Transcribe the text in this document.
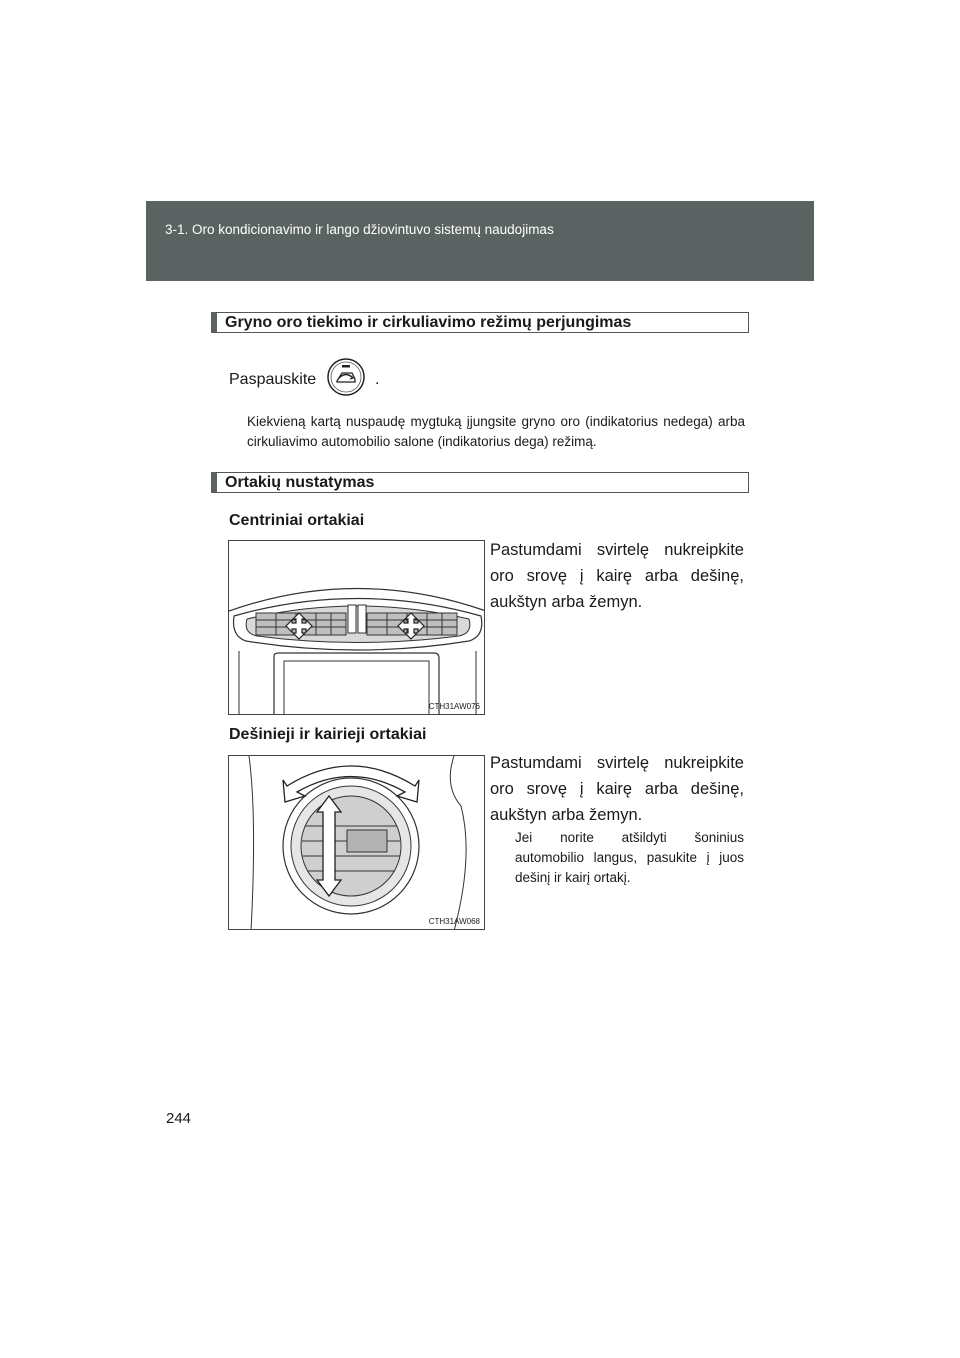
3-1. Oro kondicionavimo ir lango džiovintuvo sistemų naudojimas
Gryno oro tiekimo ir cirkuliavimo režimų perjungimas
Paspauskite	.
Kiekvieną kartą nuspaudę mygtuką įjungsite gryno oro (indikatorius nedega) arba cirkuliavimo automobilio salone (indikatorius dega) režimą.
Ortakių nustatymas
Centriniai ortakiai
CTH31AW076
Pastumdami svirtelę nukreipkite oro srovę į kairę arba dešinę, aukštyn arba žemyn.
Dešinieji ir kairieji ortakiai
CTH31AW068
Pastumdami svirtelę nukreipkite oro srovę į kairę arba dešinę, aukštyn arba žemyn.
Jei norite atšildyti šoninius automobilio langus, pasukite į juos dešinį ir kairį ortakį.
244
